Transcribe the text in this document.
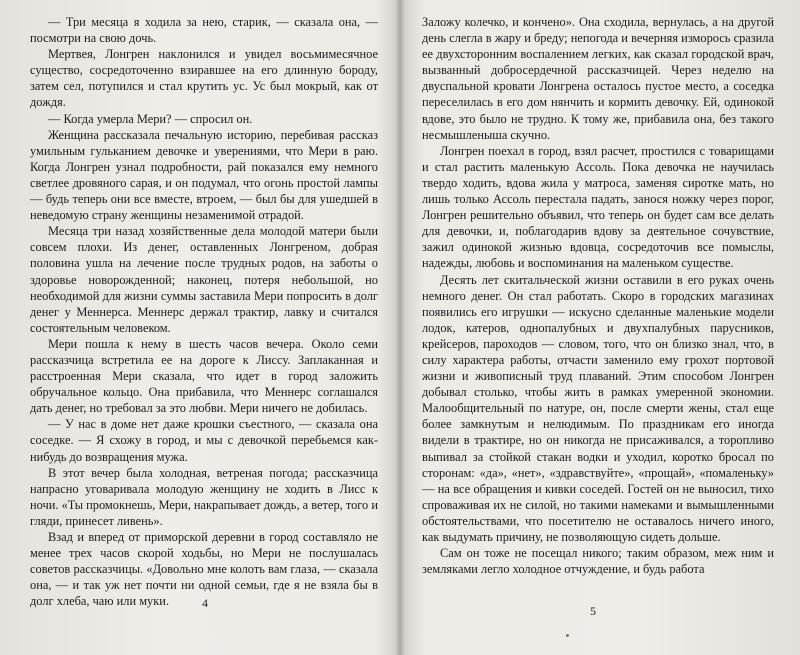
— Три месяца я ходила за нею, старик, — сказала она, — посмотри на свою дочь.

Мертвея, Лонгрен наклонился и увидел восьмимесячное существо, сосредоточенно взиравшее на его длинную бороду, затем сел, потупился и стал крутить ус. Ус был мокрый, как от дождя.

— Когда умерла Мери? — спросил он.

Женщина рассказала печальную историю, перебивая рассказ умильным гульканием девочке и уверениями, что Мери в раю. Когда Лонгрен узнал подробности, рай показался ему немного светлее дровяного сарая, и он подумал, что огонь простой лампы — будь теперь они все вместе, втроем, — был бы для ушедшей в неведомую страну женщины незаменимой отрадой.

Месяца три назад хозяйственные дела молодой матери были совсем плохи. Из денег, оставленных Лонгреном, добрая половина ушла на лечение после трудных родов, на заботы о здоровье новорожденной; наконец, потеря небольшой, но необходимой для жизни суммы заставила Мери попросить в долг денег у Меннерса. Меннерс держал трактир, лавку и считался состоятельным человеком.

Мери пошла к нему в шесть часов вечера. Около семи рассказчица встретила ее на дороге к Лиссу. Заплаканная и расстроенная Мери сказала, что идет в город заложить обручальное кольцо. Она прибавила, что Меннерс соглашался дать денег, но требовал за это любви. Мери ничего не добилась.

— У нас в доме нет даже крошки съестного, — сказала она соседке. — Я схожу в город, и мы с девочкой перебьемся как-нибудь до возвращения мужа.

В этот вечер была холодная, ветреная погода; рассказчица напрасно уговаривала молодую женщину не ходить в Лисс к ночи. «Ты промокнешь, Мери, накрапывает дождь, а ветер, того и гляди, принесет ливень».

Взад и вперед от приморской деревни в город составляло не менее трех часов скорой ходьбы, но Мери не послушалась советов рассказчицы. «Довольно мне колоть вам глаза, — сказала она, — и так уж нет почти ни одной семьи, где я не взяла бы в долг хлеба, чаю или муки.	4

Заложу колечко, и кончено». Она сходила, вернулась, а на другой день слегла в жару и бреду; непогода и вечерняя изморось сразила ее двухсторонним воспалением легких, как сказал городской врач, вызванный добросердечной рассказчицей. Через неделю на двуспальной кровати Лонгрена осталось пустое место, а соседка переселилась в его дом нянчить и кормить девочку. Ей, одинокой вдове, это было не трудно. К тому же, прибавила она, без такого несмышленыша скучно.

Лонгрен поехал в город, взял расчет, простился с товарищами и стал растить маленькую Ассоль. Пока девочка не научилась твердо ходить, вдова жила у матроса, заменяя сиротке мать, но лишь только Ассоль перестала падать, занося ножку через порог, Лонгрен решительно объявил, что теперь он будет сам все делать для девочки, и, поблагодарив вдову за деятельное сочувствие, зажил одинокой жизнью вдовца, сосредоточив все помыслы, надежды, любовь и воспоминания на маленьком существе.

Десять лет скитальческой жизни оставили в его руках очень немного денег. Он стал работать. Скоро в городских магазинах появились его игрушки — искусно сделанные маленькие модели лодок, катеров, однопалубных и двухпалубных парусников, крейсеров, пароходов — словом, того, что он близко знал, что, в силу характера работы, отчасти заменило ему грохот портовой жизни и живописный труд плаваний. Этим способом Лонгрен добывал столько, чтобы жить в рамках умеренной экономии. Малообщительный по натуре, он, после смерти жены, стал еще более замкнутым и нелюдимым. По праздникам его иногда видели в трактире, но он никогда не присаживался, а торопливо выпивал за стойкой стакан водки и уходил, коротко бросал по сторонам: «да», «нет», «здравствуйте», «прощай», «помаленьку» — на все обращения и кивки соседей. Гостей он не выносил, тихо спроваживая их не силой, но такими намеками и вымышленными обстоятельствами, что посетителю не оставалось ничего иного, как выдумать причину, не позволяющую сидеть дольше.

Сам он тоже не посещал никого; таким образом, меж ним и земляками легло холодное отчуждение, и будь работа

5
